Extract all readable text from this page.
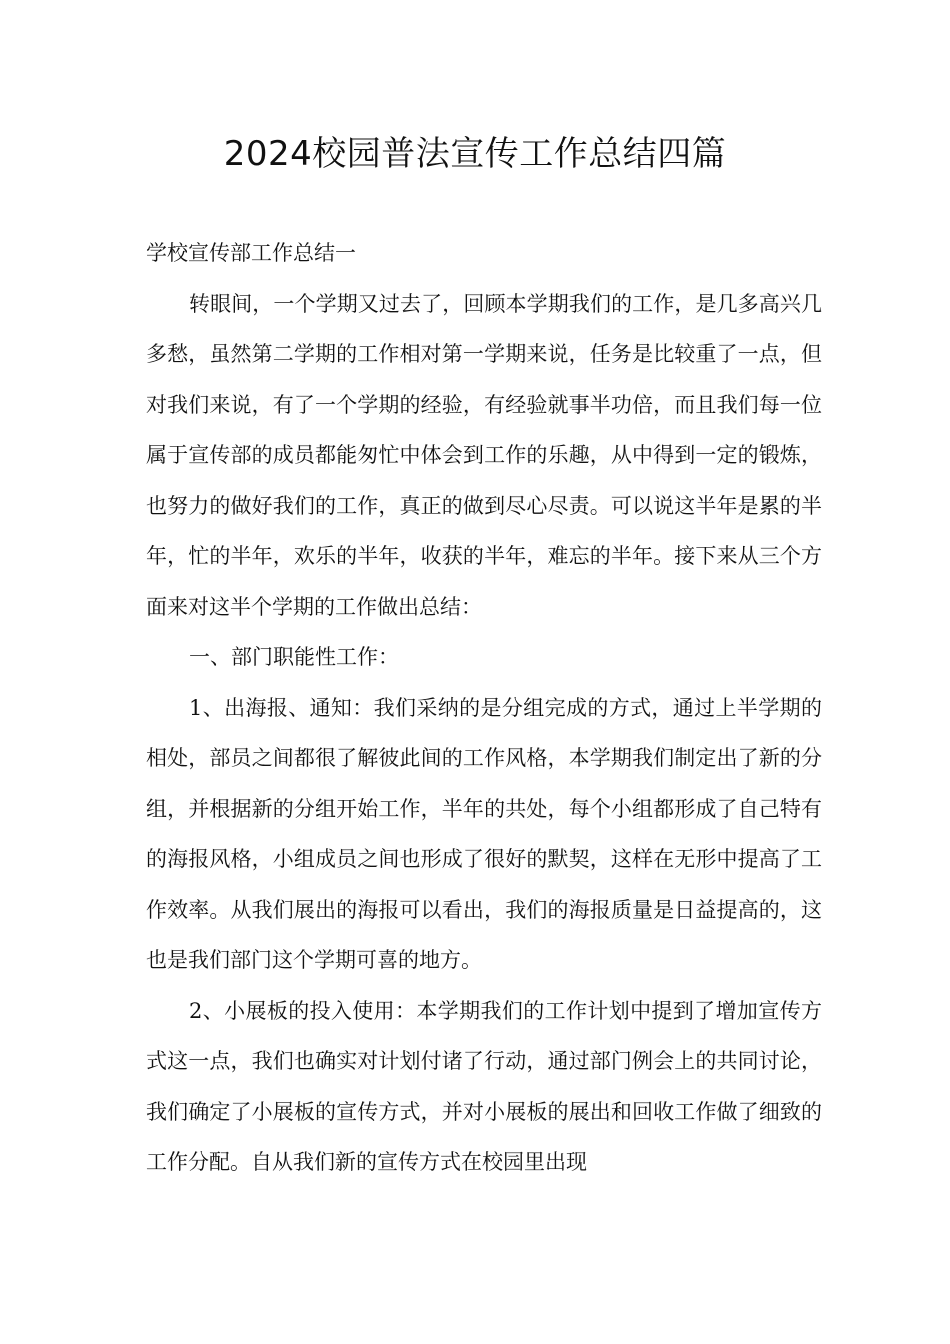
2024校园普法宣传工作总结四篇

学校宣传部工作总结一

转眼间，一个学期又过去了，回顾本学期我们的工作，是几多高兴几多愁，虽然第二学期的工作相对第一学期来说，任务是比较重了一点，但对我们来说，有了一个学期的经验，有经验就事半功倍，而且我们每一位属于宣传部的成员都能匆忙中体会到工作的乐趣，从中得到一定的锻炼，也努力的做好我们的工作，真正的做到尽心尽责。可以说这半年是累的半年，忙的半年，欢乐的半年，收获的半年，难忘的半年。接下来从三个方面来对这半个学期的工作做出总结：

一、部门职能性工作：

1、出海报、通知：我们采纳的是分组完成的方式，通过上半学期的相处，部员之间都很了解彼此间的工作风格，本学期我们制定出了新的分组，并根据新的分组开始工作，半年的共处，每个小组都形成了自己特有的海报风格，小组成员之间也形成了很好的默契，这样在无形中提高了工作效率。从我们展出的海报可以看出，我们的海报质量是日益提高的，这也是我们部门这个学期可喜的地方。

2、小展板的投入使用：本学期我们的工作计划中提到了增加宣传方式这一点，我们也确实对计划付诸了行动，通过部门例会上的共同讨论，我们确定了小展板的宣传方式，并对小展板的展出和回收工作做了细致的工作分配。自从我们新的宣传方式在校园里出现
